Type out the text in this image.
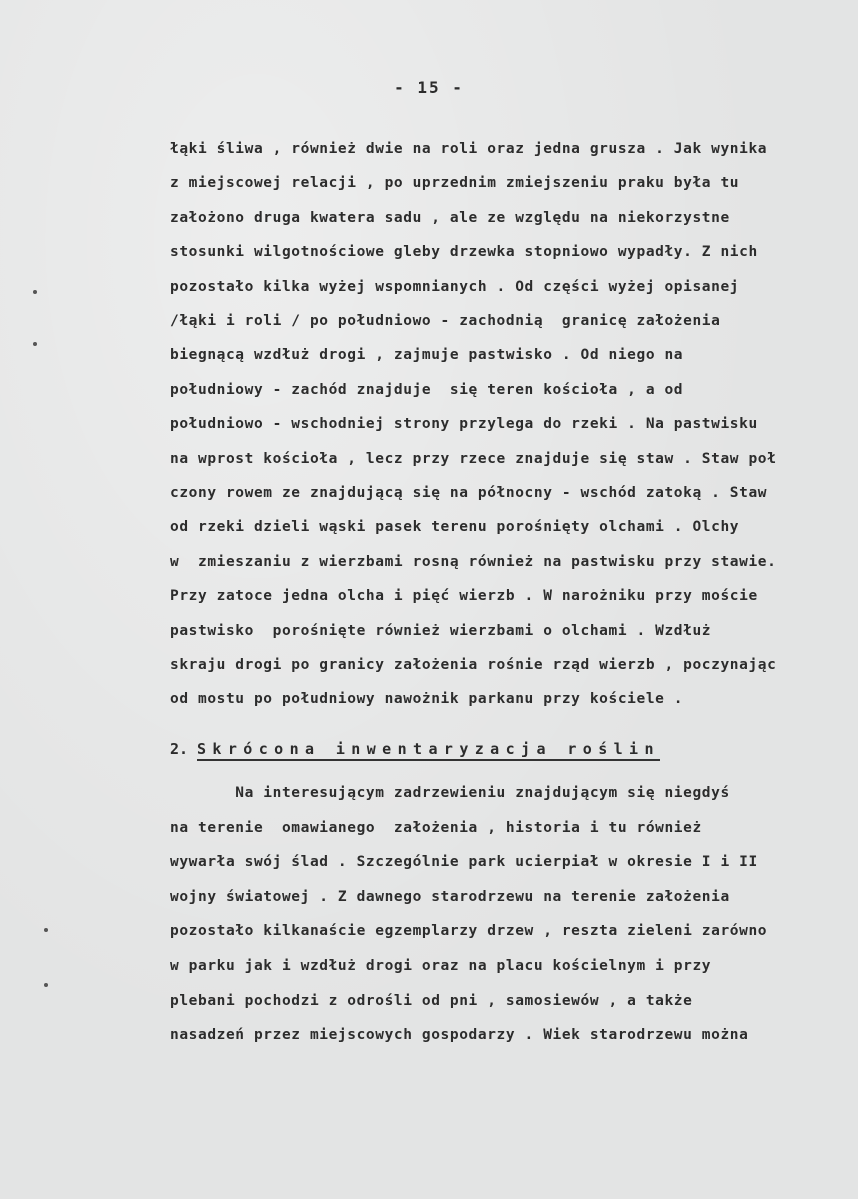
- 15 -
łąki śliwa , również dwie na roli oraz jedna grusza . Jak wynika
z miejscowej relacji , po uprzednim zmiejszeniu praku była tu
założono druga kwatera sadu , ale ze względu na niekorzystne
stosunki wilgotnościowe gleby drzewka stopniowo wypadły. Z nich
pozostało kilka wyżej wspomnianych . Od części wyżej opisanej
/łąki i roli / po południowo - zachodnią  granicę założenia
biegnącą wzdłuż drogi , zajmuje pastwisko . Od niego na
południowy - zachód znajduje  się teren kościoła , a od
południowo - wschodniej strony przylega do rzeki . Na pastwisku
na wprost kościoła , lecz przy rzece znajduje się staw . Staw poł
czony rowem ze znajdującą się na północny - wschód zatoką . Staw
od rzeki dzieli wąski pasek terenu porośnięty olchami . Olchy
w  zmieszaniu z wierzbami rosną również na pastwisku przy stawie.
Przy zatoce jedna olcha i pięć wierzb . W narożniku przy moście
pastwisko  porośnięte również wierzbami o olchami . Wzdłuż
skraju drogi po granicy założenia rośnie rząd wierzb , poczynając
od mostu po południowy nawożnik parkanu przy kościele .
2. Skrócona inwentaryzacja roślin
Na interesującym zadrzewieniu znajdującym się niegdyś
na terenie  omawianego  założenia , historia i tu również
wywarła swój ślad . Szczególnie park ucierpiał w okresie I i II
wojny światowej . Z dawnego starodrzewu na terenie założenia
pozostało kilkanaście egzemplarzy drzew , reszta zieleni zarówno
w parku jak i wzdłuż drogi oraz na placu kościelnym i przy
plebani pochodzi z odrośli od pni , samosiewów , a także
nasadzeń przez miejscowych gospodarzy . Wiek starodrzewu można
